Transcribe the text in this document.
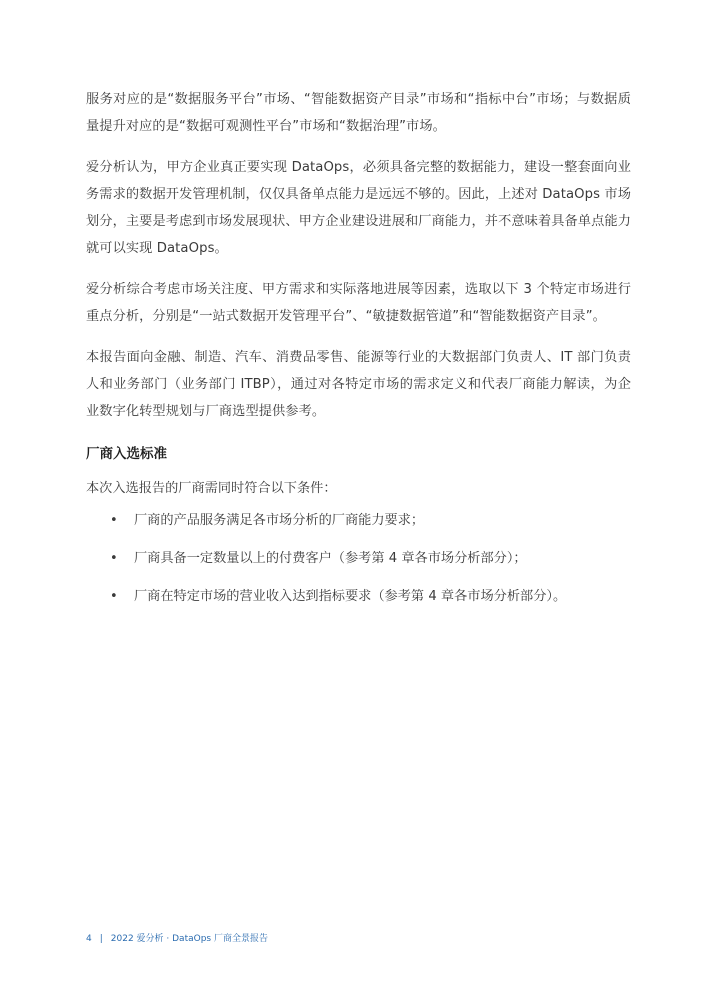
服务对应的是“数据服务平台”市场、“智能数据资产目录”市场和“指标中台”市场；与数据质量提升对应的是“数据可观测性平台”市场和“数据治理”市场。

爱分析认为，甲方企业真正要实现 DataOps，必须具备完整的数据能力，建设一整套面向业务需求的数据开发管理机制，仅仅具备单点能力是远远不够的。因此，上述对 DataOps 市场划分，主要是考虑到市场发展现状、甲方企业建设进展和厂商能力，并不意味着具备单点能力就可以实现 DataOps。

爱分析综合考虑市场关注度、甲方需求和实际落地进展等因素，选取以下 3 个特定市场进行重点分析，分别是“一站式数据开发管理平台”、“敏捷数据管道”和“智能数据资产目录”。

本报告面向金融、制造、汽车、消费品零售、能源等行业的大数据部门负责人、IT 部门负责人和业务部门（业务部门 ITBP），通过对各特定市场的需求定义和代表厂商能力解读，为企业数字化转型规划与厂商选型提供参考。

厂商入选标准

本次入选报告的厂商需同时符合以下条件：

• 厂商的产品服务满足各市场分析的厂商能力要求；
• 厂商具备一定数量以上的付费客户（参考第 4 章各市场分析部分）；
• 厂商在特定市场的营业收入达到指标要求（参考第 4 章各市场分析部分）。
4 | 2022 爱分析 · DataOps 厂商全景报告
